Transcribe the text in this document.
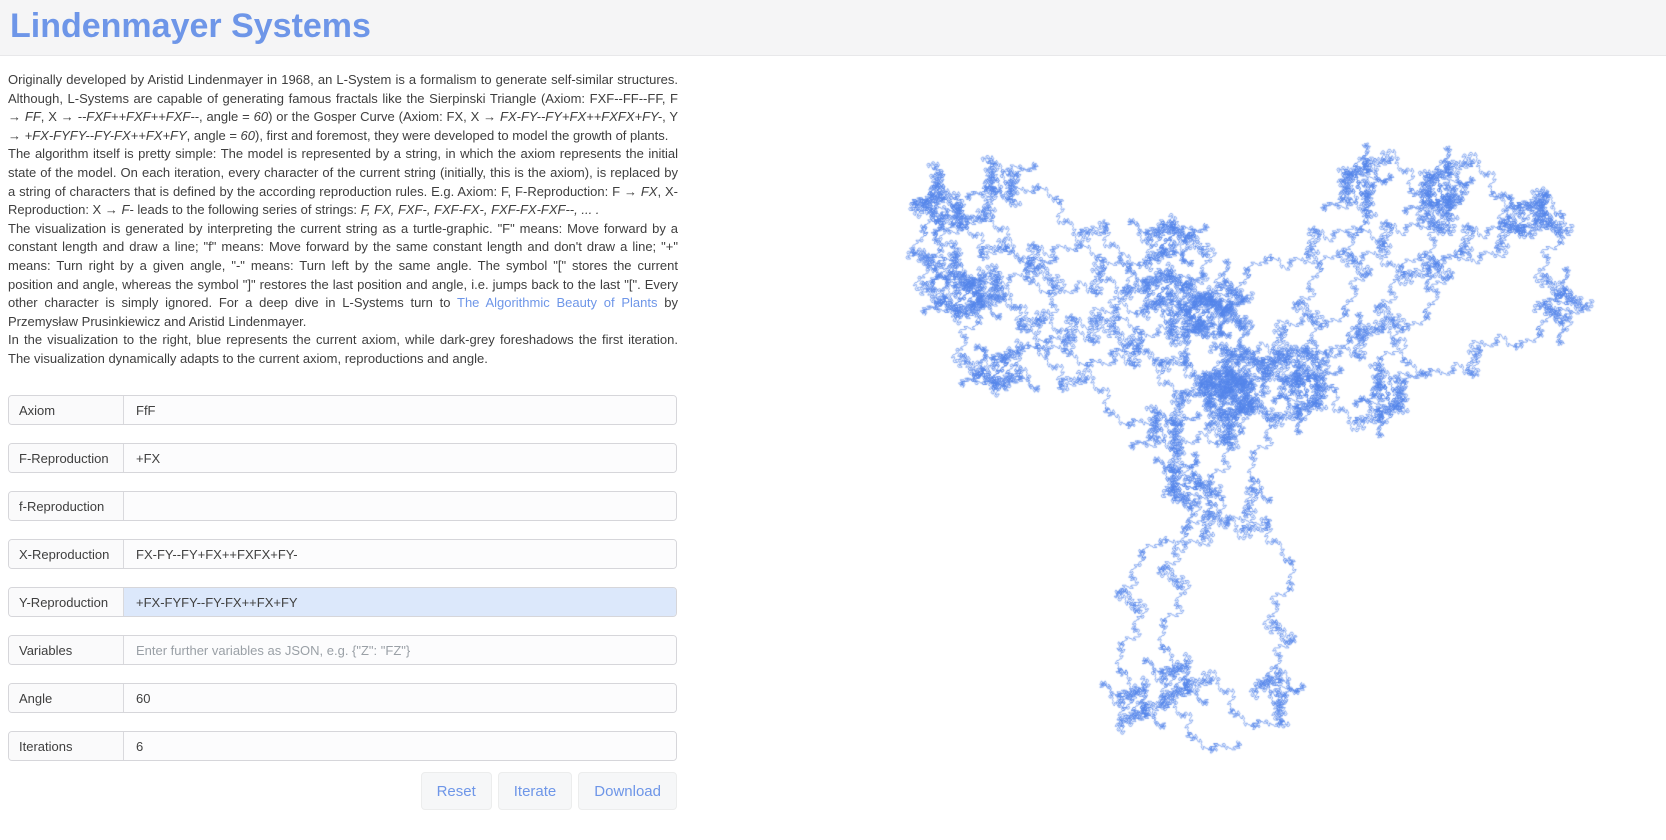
Lindenmayer Systems

Originally developed by Aristid Lindenmayer in 1968, an L-System is a formalism to generate self-similar structures. Although, L-Systems are capable of generating famous fractals like the Sierpinski Triangle (Axiom: FXF--FF--FF, F → FF, X → --FXF++FXF++FXF--, angle = 60) or the Gosper Curve (Axiom: FX, X → FX-FY--FY+FX++FXFX+FY-, Y → +FX-FYFY--FY-FX++FX+FY, angle = 60), first and foremost, they were developed to model the growth of plants.

The algorithm itself is pretty simple: The model is represented by a string, in which the axiom represents the initial state of the model. On each iteration, every character of the current string (initially, this is the axiom), is replaced by a string of characters that is defined by the according reproduction rules. E.g. Axiom: F, F-Reproduction: F → FX, X-Reproduction: X → F- leads to the following series of strings: F, FX, FXF-, FXF-FX-, FXF-FX-FXF--, ... .

The visualization is generated by interpreting the current string as a turtle-graphic. "F" means: Move forward by a constant length and draw a line; "f" means: Move forward by the same constant length and don't draw a line; "+" means: Turn right by a given angle, "-" means: Turn left by the same angle. The symbol "[" stores the current position and angle, whereas the symbol "]" restores the last position and angle, i.e. jumps back to the last "[". Every other character is simply ignored. For a deep dive in L-Systems turn to The Algorithmic Beauty of Plants by Przemysław Prusinkiewicz and Aristid Lindenmayer.

In the visualization to the right, blue represents the current axiom, while dark-grey foreshadows the first iteration. The visualization dynamically adapts to the current axiom, reproductions and angle.

Axiom
FfF
F-Reproduction
+FX
f-Reproduction
X-Reproduction
FX-FY--FY+FX++FXFX+FY-
Y-Reproduction
+FX-FYFY--FY-FX++FX+FY
Variables
Enter further variables as JSON, e.g. {"Z": "FZ"}
Angle
60
Iterations
6
Reset	Iterate	Download
